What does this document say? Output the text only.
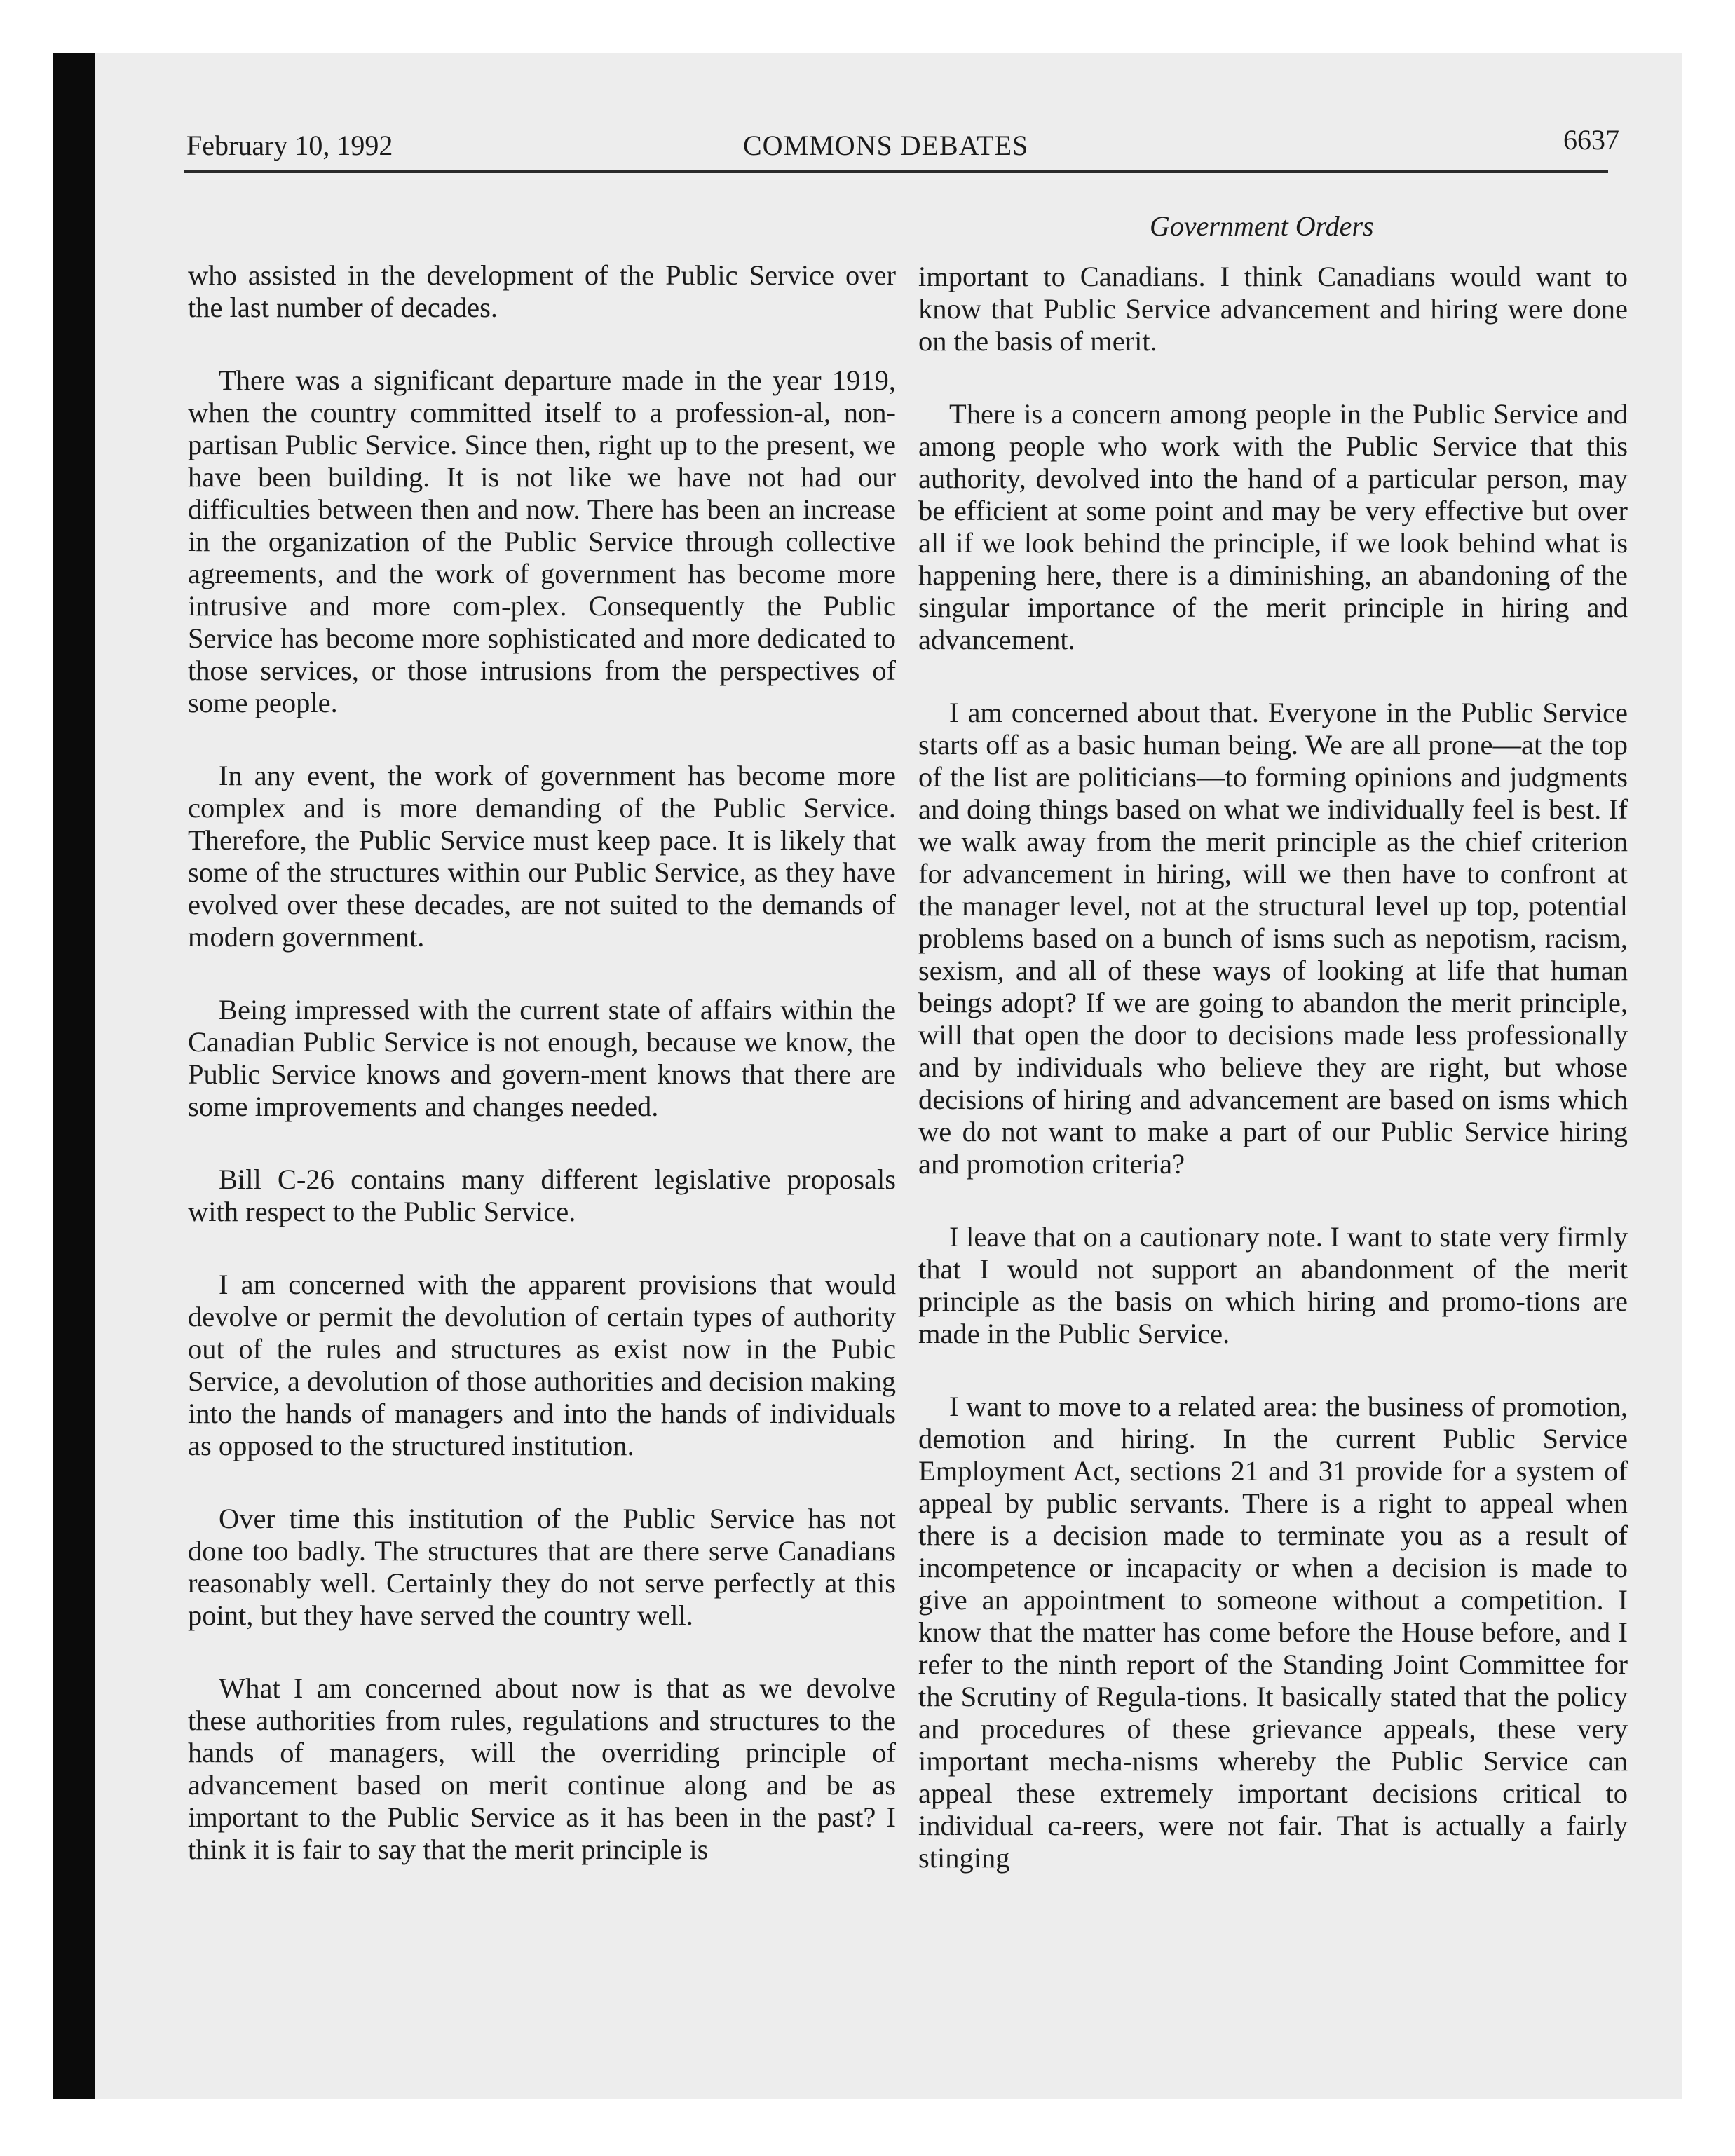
February 10, 1992	COMMONS DEBATES	6637
Government Orders

who assisted in the development of the Public Service over the last number of decades.

There was a significant departure made in the year 1919, when the country committed itself to a profession-al, non-partisan Public Service. Since then, right up to the present, we have been building. It is not like we have not had our difficulties between then and now. There has been an increase in the organization of the Public Service through collective agreements, and the work of government has become more intrusive and more com-plex. Consequently the Public Service has become more sophisticated and more dedicated to those services, or those intrusions from the perspectives of some people.

In any event, the work of government has become more complex and is more demanding of the Public Service. Therefore, the Public Service must keep pace. It is likely that some of the structures within our Public Service, as they have evolved over these decades, are not suited to the demands of modern government.

Being impressed with the current state of affairs within the Canadian Public Service is not enough, because we know, the Public Service knows and govern-ment knows that there are some improvements and changes needed.

Bill C-26 contains many different legislative proposals with respect to the Public Service.

I am concerned with the apparent provisions that would devolve or permit the devolution of certain types of authority out of the rules and structures as exist now in the Pubic Service, a devolution of those authorities and decision making into the hands of managers and into the hands of individuals as opposed to the structured institution.

Over time this institution of the Public Service has not done too badly. The structures that are there serve Canadians reasonably well. Certainly they do not serve perfectly at this point, but they have served the country well.

What I am concerned about now is that as we devolve these authorities from rules, regulations and structures to the hands of managers, will the overriding principle of advancement based on merit continue along and be as important to the Public Service as it has been in the past? I think it is fair to say that the merit principle is

important to Canadians. I think Canadians would want to know that Public Service advancement and hiring were done on the basis of merit.

There is a concern among people in the Public Service and among people who work with the Public Service that this authority, devolved into the hand of a particular person, may be efficient at some point and may be very effective but over all if we look behind the principle, if we look behind what is happening here, there is a diminishing, an abandoning of the singular importance of the merit principle in hiring and advancement.

I am concerned about that. Everyone in the Public Service starts off as a basic human being. We are all prone—at the top of the list are politicians—to forming opinions and judgments and doing things based on what we individually feel is best. If we walk away from the merit principle as the chief criterion for advancement in hiring, will we then have to confront at the manager level, not at the structural level up top, potential problems based on a bunch of isms such as nepotism, racism, sexism, and all of these ways of looking at life that human beings adopt? If we are going to abandon the merit principle, will that open the door to decisions made less professionally and by individuals who believe they are right, but whose decisions of hiring and advancement are based on isms which we do not want to make a part of our Public Service hiring and promotion criteria?

I leave that on a cautionary note. I want to state very firmly that I would not support an abandonment of the merit principle as the basis on which hiring and promo-tions are made in the Public Service.

I want to move to a related area: the business of promotion, demotion and hiring. In the current Public Service Employment Act, sections 21 and 31 provide for a system of appeal by public servants. There is a right to appeal when there is a decision made to terminate you as a result of incompetence or incapacity or when a decision is made to give an appointment to someone without a competition. I know that the matter has come before the House before, and I refer to the ninth report of the Standing Joint Committee for the Scrutiny of Regula-tions. It basically stated that the policy and procedures of these grievance appeals, these very important mecha-nisms whereby the Public Service can appeal these extremely important decisions critical to individual ca-reers, were not fair. That is actually a fairly stinging
